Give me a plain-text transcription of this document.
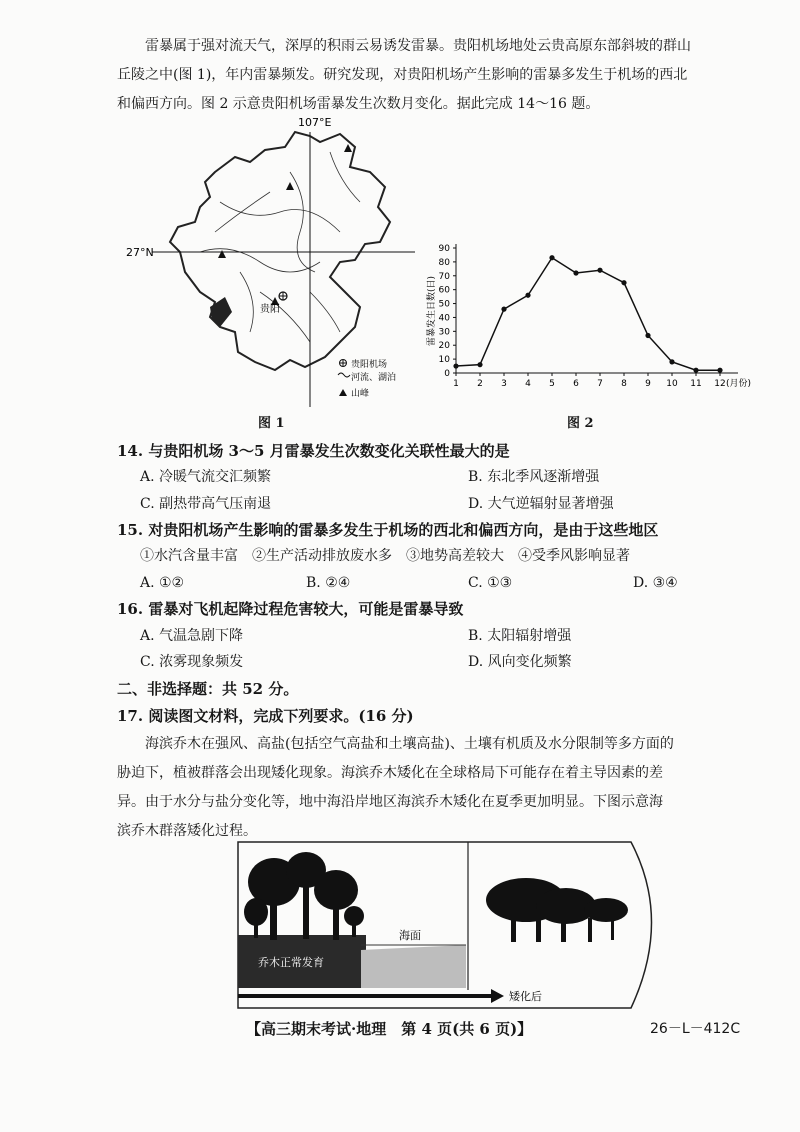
雷暴属于强对流天气，深厚的积雨云易诱发雷暴。贵阳机场地处云贵高原东部斜坡的群山
丘陵之中(图 1)，年内雷暴频发。研究发现，对贵阳机场产生影响的雷暴多发生于机场的西北
和偏西方向。图 2 示意贵阳机场雷暴发生次数月变化。据此完成 14～16 题。
107°E
27°N
贵阳
贵阳机场
河流、湖泊
山峰
图 1
雷暴发生日数(日)
0
10
20
30
40
50
60
70
80
90
1 2 3 4 5 6 7 8 9 10 11 12 (月份)
图 2
14. 与贵阳机场 3～5 月雷暴发生次数变化关联性最大的是
A. 冷暖气流交汇频繁	B. 东北季风逐渐增强
C. 副热带高气压南退	D. 大气逆辐射显著增强
15. 对贵阳机场产生影响的雷暴多发生于机场的西北和偏西方向，是由于这些地区
①水汽含量丰富　②生产活动排放废水多　③地势高差较大　④受季风影响显著
A. ①②	B. ②④	C. ①③	D. ③④
16. 雷暴对飞机起降过程危害较大，可能是雷暴导致
A. 气温急剧下降	B. 太阳辐射增强
C. 浓雾现象频发	D. 风向变化频繁
二、非选择题：共 52 分。
17. 阅读图文材料，完成下列要求。(16 分)
海滨乔木在强风、高盐(包括空气高盐和土壤高盐)、土壤有机质及水分限制等多方面的
胁迫下，植被群落会出现矮化现象。海滨乔木矮化在全球格局下可能存在着主导因素的差
异。由于水分与盐分变化等，地中海沿岸地区海滨乔木矮化在夏季更加明显。下图示意海
滨乔木群落矮化过程。
海面
乔木正常发育
矮化后
【高三期末考试·地理　第 4 页(共 6 页)】	26－L－412C
